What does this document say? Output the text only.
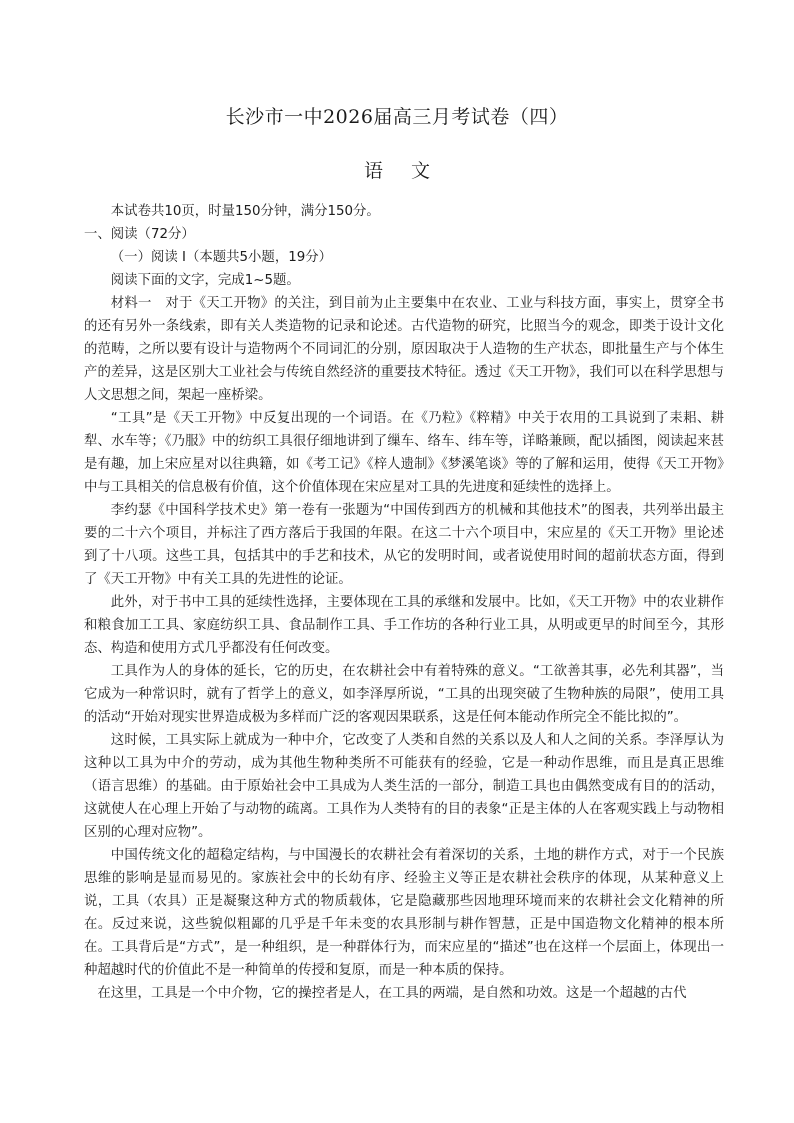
长沙市一中2026届高三月考试卷（四）
语 文

本试卷共10页，时量150分钟，满分150分。

一、阅读（72分）

（一）阅读 I（本题共5小题，19分）

阅读下面的文字，完成1~5题。

材料一　对于《天工开物》的关注，到目前为止主要集中在农业、工业与科技方面，事实上，贯穿全书的还有另外一条线索，即有关人类造物的记录和论述。古代造物的研究，比照当今的观念，即类于设计文化的范畴，之所以要有设计与造物两个不同词汇的分别，原因取决于人造物的生产状态，即批量生产与个体生产的差异，这是区别大工业社会与传统自然经济的重要技术特征。透过《天工开物》，我们可以在科学思想与人文思想之间，架起一座桥梁。

“工具”是《天工开物》中反复出现的一个词语。在《乃粒》《粹精》中关于农用的工具说到了耒耜、耕犁、水车等；《乃服》中的纺织工具很仔细地讲到了缫车、络车、纬车等，详略兼顾，配以插图，阅读起来甚是有趣，加上宋应星对以往典籍，如《考工记》《梓人遗制》《梦溪笔谈》等的了解和运用，使得《天工开物》中与工具相关的信息极有价值，这个价值体现在宋应星对工具的先进度和延续性的选择上。

李约瑟《中国科学技术史》第一卷有一张题为“中国传到西方的机械和其他技术”的图表，共列举出最主要的二十六个项目，并标注了西方落后于我国的年限。在这二十六个项目中，宋应星的《天工开物》里论述到了十八项。这些工具，包括其中的手艺和技术，从它的发明时间，或者说使用时间的超前状态方面，得到了《天工开物》中有关工具的先进性的论证。

此外，对于书中工具的延续性选择，主要体现在工具的承继和发展中。比如，《天工开物》中的农业耕作和粮食加工工具、家庭纺织工具、食品制作工具、手工作坊的各种行业工具，从明或更早的时间至今，其形态、构造和使用方式几乎都没有任何改变。

工具作为人的身体的延长，它的历史，在农耕社会中有着特殊的意义。“工欲善其事，必先利其器”，当它成为一种常识时，就有了哲学上的意义，如李泽厚所说，“工具的出现突破了生物种族的局限”，使用工具的活动“开始对现实世界造成极为多样而广泛的客观因果联系，这是任何本能动作所完全不能比拟的”。

这时候，工具实际上就成为一种中介，它改变了人类和自然的关系以及人和人之间的关系。李泽厚认为这种以工具为中介的劳动，成为其他生物种类所不可能获有的经验，它是一种动作思维，而且是真正思维（语言思维）的基础。由于原始社会中工具成为人类生活的一部分，制造工具也由偶然变成有目的的活动，这就使人在心理上开始了与动物的疏离。工具作为人类特有的目的表象“正是主体的人在客观实践上与动物相区别的心理对应物”。

中国传统文化的超稳定结构，与中国漫长的农耕社会有着深切的关系，土地的耕作方式，对于一个民族思维的影响是显而易见的。家族社会中的长幼有序、经验主义等正是农耕社会秩序的体现，从某种意义上说，工具（农具）正是凝聚这种方式的物质载体，它是隐藏那些因地理环境而来的农耕社会文化精神的所在。反过来说，这些貌似粗鄙的几乎是千年未变的农具形制与耕作智慧，正是中国造物文化精神的根本所在。工具背后是“方式”，是一种组织，是一种群体行为，而宋应星的“描述”也在这样一个层面上，体现出一种超越时代的价值此不是一种简单的传授和复原，而是一种本质的保持。

在这里，工具是一个中介物，它的操控者是人，在工具的两端，是自然和功效。这是一个超越的古代
